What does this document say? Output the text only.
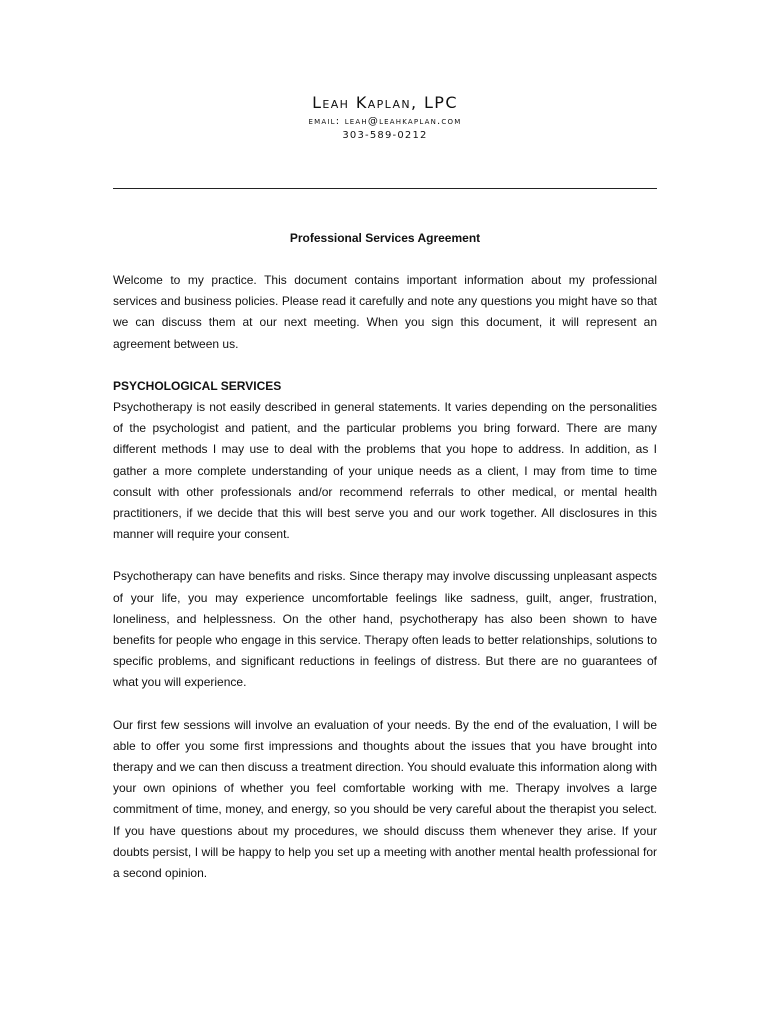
Leah Kaplan, LPC
email: leah@leahkaplan.com
303-589-0212
Professional Services Agreement

Welcome to my practice. This document contains important information about my professional services and business policies. Please read it carefully and note any questions you might have so that we can discuss them at our next meeting. When you sign this document, it will represent an agreement between us.

PSYCHOLOGICAL SERVICES

Psychotherapy is not easily described in general statements. It varies depending on the personalities of the psychologist and patient, and the particular problems you bring forward. There are many different methods I may use to deal with the problems that you hope to address. In addition, as I gather a more complete understanding of your unique needs as a client, I may from time to time consult with other professionals and/or recommend referrals to other medical, or mental health practitioners, if we decide that this will best serve you and our work together. All disclosures in this manner will require your consent.

Psychotherapy can have benefits and risks. Since therapy may involve discussing unpleasant aspects of your life, you may experience uncomfortable feelings like sadness, guilt, anger, frustration, loneliness, and helplessness. On the other hand, psychotherapy has also been shown to have benefits for people who engage in this service. Therapy often leads to better relationships, solutions to specific problems, and significant reductions in feelings of distress. But there are no guarantees of what you will experience.

Our first few sessions will involve an evaluation of your needs. By the end of the evaluation, I will be able to offer you some first impressions and thoughts about the issues that you have brought into therapy and we can then discuss a treatment direction. You should evaluate this information along with your own opinions of whether you feel comfortable working with me. Therapy involves a large commitment of time, money, and energy, so you should be very careful about the therapist you select. If you have questions about my procedures, we should discuss them whenever they arise. If your doubts persist, I will be happy to help you set up a meeting with another mental health professional for a second opinion.
